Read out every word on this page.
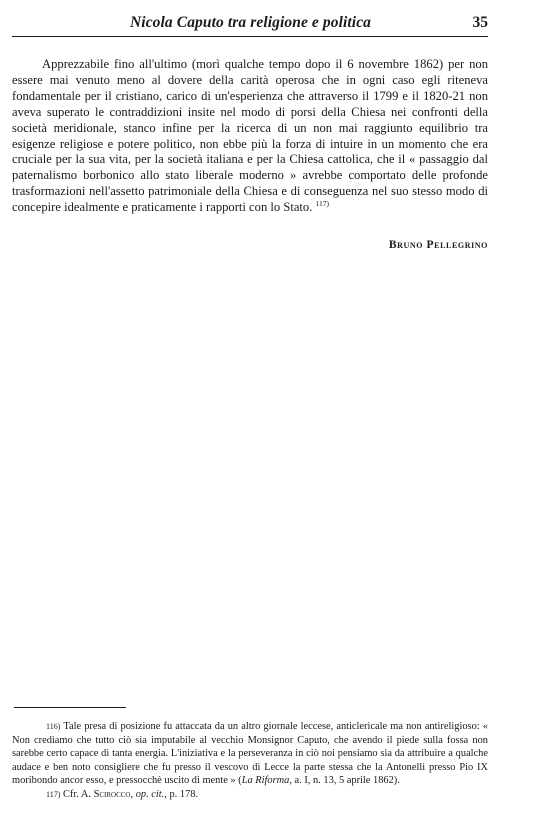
Nicola Caputo tra religione e politica	35

Apprezzabile fino all'ultimo (morì qualche tempo dopo il 6 novembre 1862) per non essere mai venuto meno al dovere della carità operosa che in ogni caso egli riteneva fondamentale per il cristiano, carico di un'esperienza che attraverso il 1799 e il 1820-21 non aveva superato le contraddizioni insite nel modo di porsi della Chiesa nei confronti della società meridionale, stanco infine per la ricerca di un non mai raggiunto equilibrio tra esigenze religiose e potere politico, non ebbe più la forza di intuire in un momento che era cruciale per la sua vita, per la società italiana e per la Chiesa cattolica, che il « passaggio dal paternalismo borbonico allo stato liberale moderno » avrebbe comportato delle profonde trasformazioni nell'assetto patrimoniale della Chiesa e di conseguenza nel suo stesso modo di concepire idealmente e praticamente i rapporti con lo Stato. $^{117)}$

Bruno Pellegrino

116) Tale presa di posizione fu attaccata da un altro giornale leccese, anticlericale ma non antireligioso: « Non crediamo che tutto ciò sia imputabile al vecchio Monsignor Caputo, che avendo il piede sulla fossa non sarebbe certo capace di tanta energia. L'iniziativa e la perseveranza in ciò noi pensiamo sia da attribuire a qualche audace e ben noto consigliere che fu presso il vescovo di Lecce la parte stessa che la Antonelli presso Pio IX moribondo ancor esso, e pressocchè uscito di mente » (La Riforma, a. I, n. 13, 5 aprile 1862).

117) Cfr. A. Scirocco, op. cit., p. 178.
